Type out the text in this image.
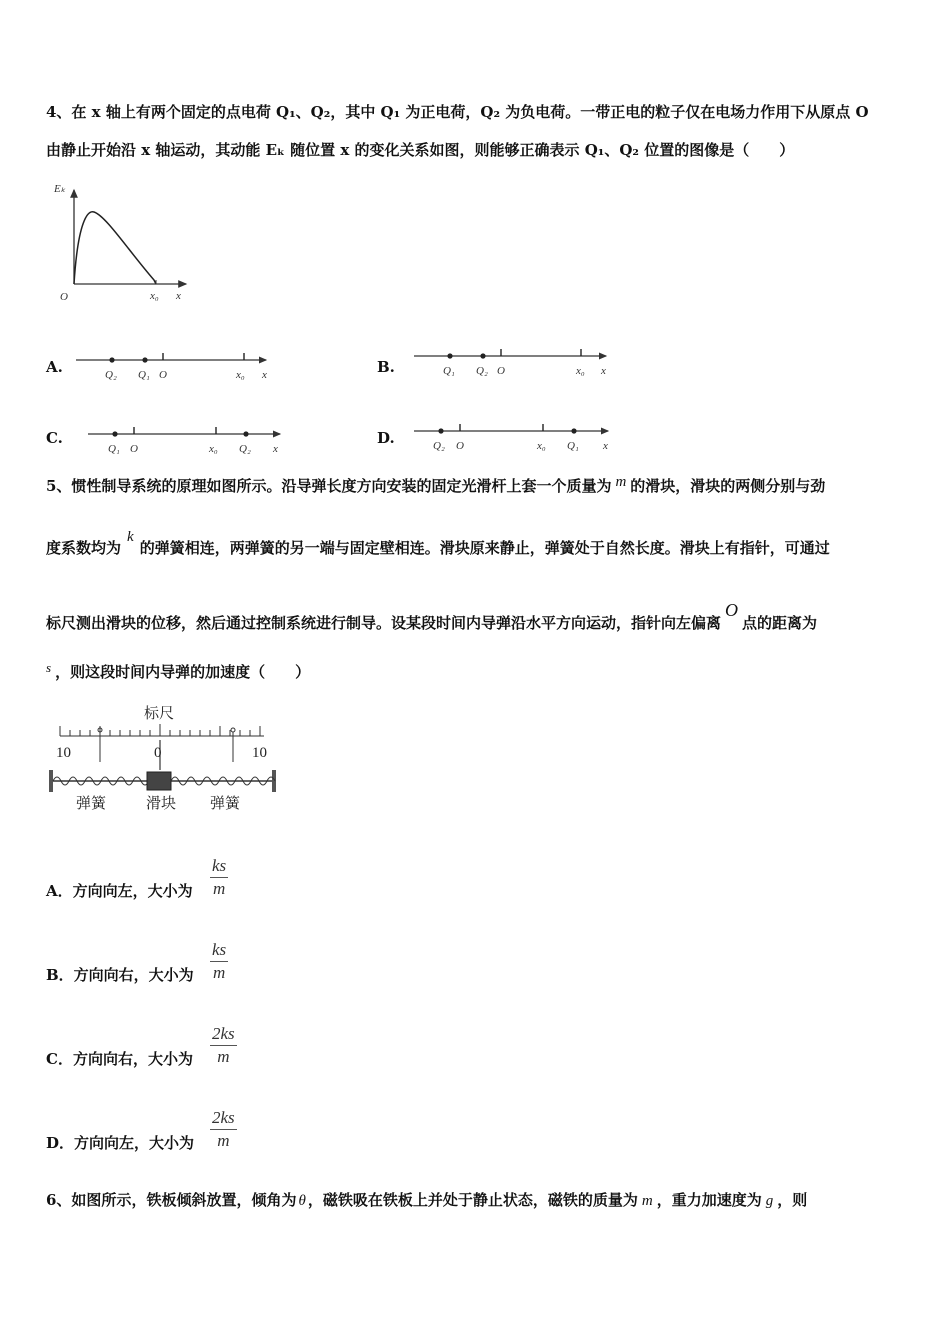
4、在 x 轴上有两个固定的点电荷 Q₁、Q₂，其中 Q₁ 为正电荷，Q₂ 为负电荷。一带正电的粒子仅在电场力作用下从原点 O
由静止开始沿 x 轴运动，其动能 Eₖ 随位置 x 的变化关系如图，则能够正确表示 Q₁、Q₂ 位置的图像是（　　）
Eₖ
O	x₀ x
A.	Q₂ Q₁ O	x₀ x	B.	Q₁ Q₂ O	x₀ x
C.
Q₁ O	x₀ Q₂ x
D.	Q₂ O	x₀ Q₁ x
5、惯性制导系统的原理如图所示。沿导弹长度方向安装的固定光滑杆上套一个质量为 m 的滑块，滑块的两侧分别与劲
度系数均为k的弹簧相连，两弹簧的另一端与固定壁相连。滑块原来静止，弹簧处于自然长度。滑块上有指针，可通过
标尺测出滑块的位移，然后通过控制系统进行制导。设某段时间内导弹沿水平方向运动，指针向左偏离O点的距离为
s ，则这段时间内导弹的加速度（　　）
标尺
10	0	10
弹簧	滑块 弹簧
A．方向向左，大小为 $\frac{ks}{m}$
B．方向向右，大小为 $\frac{ks}{m}$
C．方向向右，大小为 $\frac{2ks}{m}$
D．方向向左，大小为 $\frac{2ks}{m}$
6、如图所示，铁板倾斜放置，倾角为 θ ，磁铁吸在铁板上并处于静止状态，磁铁的质量为 m ，重力加速度为 g ，则
